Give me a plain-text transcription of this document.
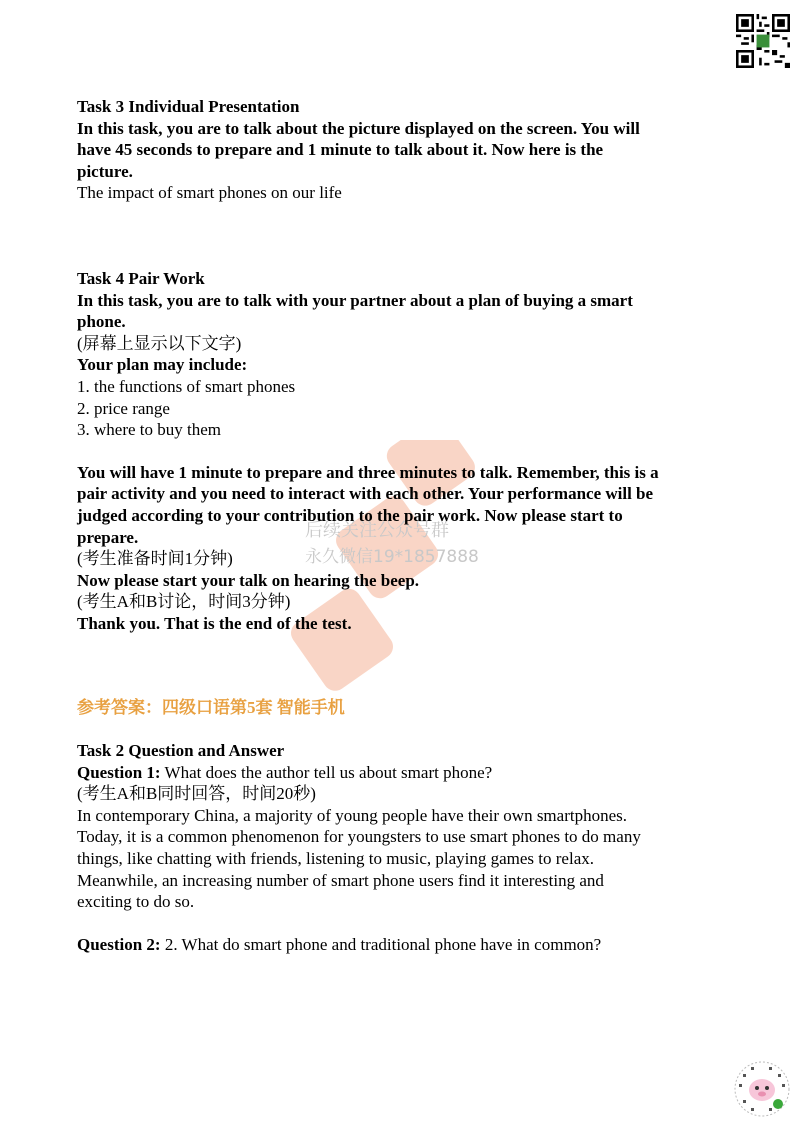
后续关注公众号群
永久微信19*1857888

Task 3 Individual Presentation

In this task, you are to talk about the picture displayed on the screen. You will

have 45 seconds to prepare and 1 minute to talk about it. Now here is the

picture.

The impact of smart phones on our life

Task 4 Pair Work

In this task, you are to talk with your partner about a plan of buying a smart

phone.

(屏幕上显示以下文字)

Your plan may include:

1. the functions of smart phones

2. price range

3. where to buy them

You will have 1 minute to prepare and three minutes to talk. Remember, this is a

pair activity and you need to interact with each other. Your performance will be

judged according to your contribution to the pair work. Now please start to

prepare.

(考生准备时间1分钟)

Now please start your talk on hearing the beep.

(考生A和B讨论，时间3分钟)

Thank you. That is the end of the test.

参考答案：四级口语第5套 智能手机

Task 2 Question and Answer

Question 1: What does the author tell us about smart phone?

(考生A和B同时回答，时间20秒)

In contemporary China, a majority of young people have their own smartphones.

Today, it is a common phenomenon for youngsters to use smart phones to do many

things, like chatting with friends, listening to music, playing games to relax.

Meanwhile, an increasing number of smart phone users find it interesting and

exciting to do so.

Question 2: 2. What do smart phone and traditional phone have in common?
